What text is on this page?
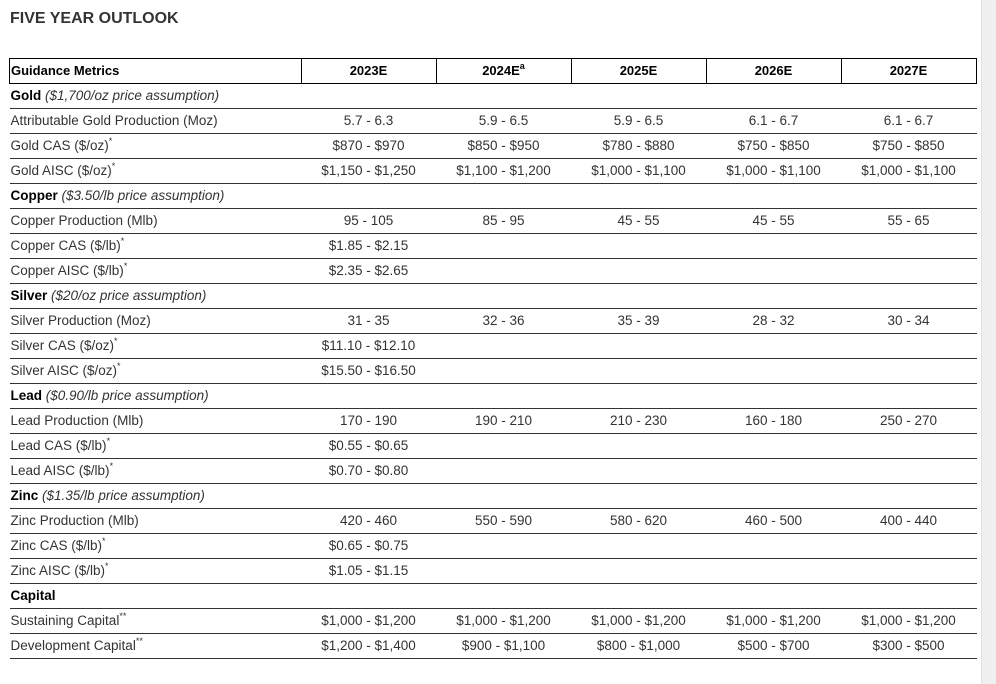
FIVE YEAR OUTLOOK
Guidance Metrics	2023E	$2024E^a$	2025E	2026E	2027E
Gold ($1,700/oz price assumption)					
Attributable Gold Production (Moz)	5.7 - 6.3	5.9 - 6.5	5.9 - 6.5	6.1 - 6.7	6.1 - 6.7
Gold CAS ($/oz)*	$870 - $970	$850 - $950	$780 - $880	$750 - $850	$750 - $850
Gold AISC ($/oz)*	$1,150 - $1,250	$1,100 - $1,200	$1,000 - $1,100	$1,000 - $1,100	$1,000 - $1,100
Copper ($3.50/lb price assumption)					
Copper Production (Mlb)	95 - 105	85 - 95	45 - 55	45 - 55	55 - 65
Copper CAS ($/lb)*	$1.85 - $2.15				
Copper AISC ($/lb)*	$2.35 - $2.65				
Silver ($20/oz price assumption)					
Silver Production (Moz)	31 - 35	32 - 36	35 - 39	28 - 32	30 - 34
Silver CAS ($/oz)*	$11.10 - $12.10				
Silver AISC ($/oz)*	$15.50 - $16.50				
Lead ($0.90/lb price assumption)					
Lead Production (Mlb)	170 - 190	190 - 210	210 - 230	160 - 180	250 - 270
Lead CAS ($/lb)*	$0.55 - $0.65				
Lead AISC ($/lb)*	$0.70 - $0.80				
Zinc ($1.35/lb price assumption)					
Zinc Production (Mlb)	420 - 460	550 - 590	580 - 620	460 - 500	400 - 440
Zinc CAS ($/lb)*	$0.65 - $0.75				
Zinc AISC ($/lb)*	$1.05 - $1.15				
Capital					
Sustaining Capital**	$1,000 - $1,200	$1,000 - $1,200	$1,000 - $1,200	$1,000 - $1,200	$1,000 - $1,200
Development Capital**	$1,200 - $1,400	$900 - $1,100	$800 - $1,000	$500 - $700	$300 - $500
